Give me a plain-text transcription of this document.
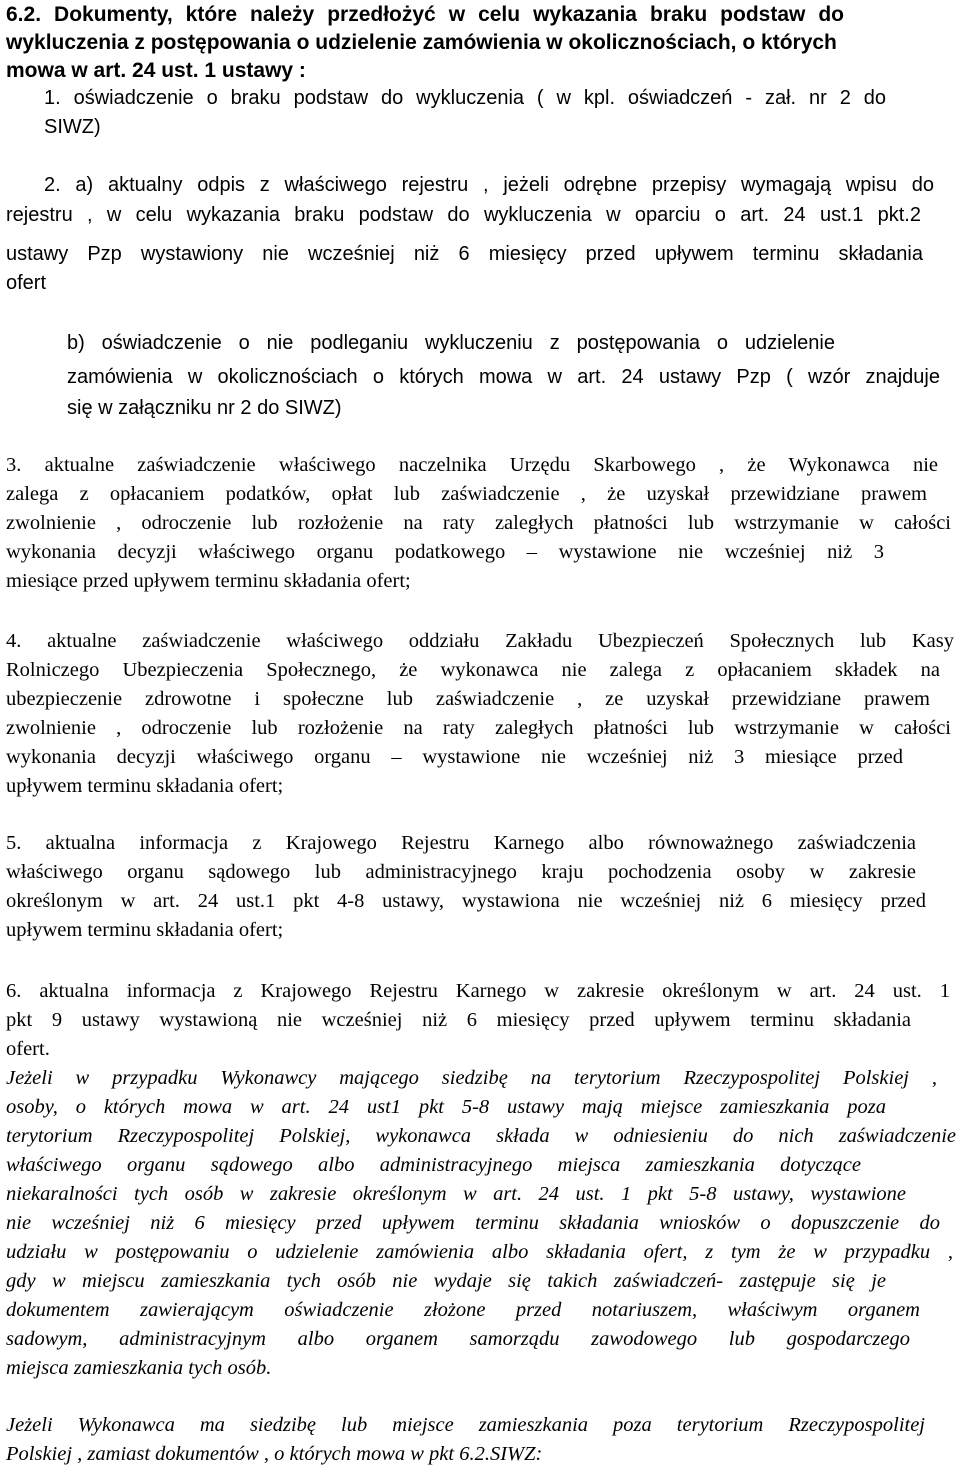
6.2. Dokumenty, które należy przedłożyć w celu wykazania braku podstaw do
wykluczenia z postępowania o udzielenie zamówienia w okolicznościach, o których
mowa w art. 24 ust. 1 ustawy :
1. oświadczenie o braku podstaw do wykluczenia ( w kpl. oświadczeń - zał. nr 2 do
SIWZ)
2. a) aktualny odpis z właściwego rejestru , jeżeli odrębne przepisy wymagają wpisu do
rejestru , w celu wykazania braku podstaw do wykluczenia w oparciu o art. 24 ust.1 pkt.2
ustawy Pzp wystawiony nie wcześniej niż 6 miesięcy przed upływem terminu składania
ofert
b) oświadczenie o nie podleganiu wykluczeniu z postępowania o udzielenie
zamówienia w okolicznościach o których mowa w art. 24 ustawy Pzp ( wzór znajduje
się w załączniku nr 2 do SIWZ)
3. aktualne zaświadczenie właściwego naczelnika Urzędu Skarbowego , że Wykonawca nie
zalega z opłacaniem podatków, opłat lub zaświadczenie , że uzyskał przewidziane prawem
zwolnienie , odroczenie lub rozłożenie na raty zaległych płatności lub wstrzymanie w całości
wykonania decyzji właściwego organu podatkowego – wystawione nie wcześniej niż 3
miesiące przed upływem terminu składania ofert;
4. aktualne zaświadczenie właściwego oddziału Zakładu Ubezpieczeń Społecznych lub Kasy
Rolniczego Ubezpieczenia Społecznego, że wykonawca nie zalega z opłacaniem składek na
ubezpieczenie zdrowotne i społeczne lub zaświadczenie , ze uzyskał przewidziane prawem
zwolnienie , odroczenie lub rozłożenie na raty zaległych płatności lub wstrzymanie w całości
wykonania decyzji właściwego organu – wystawione nie wcześniej niż 3 miesiące przed
upływem terminu składania ofert;
5. aktualna informacja z Krajowego Rejestru Karnego albo równoważnego zaświadczenia
właściwego organu sądowego lub administracyjnego kraju pochodzenia osoby w zakresie
określonym w art. 24 ust.1 pkt 4-8 ustawy, wystawiona nie wcześniej niż 6 miesięcy przed
upływem terminu składania ofert;
6. aktualna informacja z Krajowego Rejestru Karnego w zakresie określonym w art. 24 ust. 1
pkt 9 ustawy wystawioną nie wcześniej niż 6 miesięcy przed upływem terminu składania
ofert.
Jeżeli w przypadku Wykonawcy mającego siedzibę na terytorium Rzeczypospolitej Polskiej ,
osoby, o których mowa w art. 24 ust1 pkt 5-8 ustawy mają miejsce zamieszkania poza
terytorium Rzeczypospolitej Polskiej, wykonawca składa w odniesieniu do nich zaświadczenie
właściwego organu sądowego albo administracyjnego miejsca zamieszkania dotyczące
niekaralności tych osób w zakresie określonym w art. 24 ust. 1 pkt 5-8 ustawy, wystawione
nie wcześniej niż 6 miesięcy przed upływem terminu składania wniosków o dopuszczenie do
udziału w postępowaniu o udzielenie zamówienia albo składania ofert, z tym że w przypadku ,
gdy w miejscu zamieszkania tych osób nie wydaje się takich zaświadczeń- zastępuje się je
dokumentem zawierającym oświadczenie złożone przed notariuszem, właściwym organem
sadowym, administracyjnym albo organem samorządu zawodowego lub gospodarczego
miejsca zamieszkania tych osób.
Jeżeli Wykonawca ma siedzibę lub miejsce zamieszkania poza terytorium Rzeczypospolitej
Polskiej , zamiast dokumentów , o których mowa w pkt 6.2.SIWZ:
